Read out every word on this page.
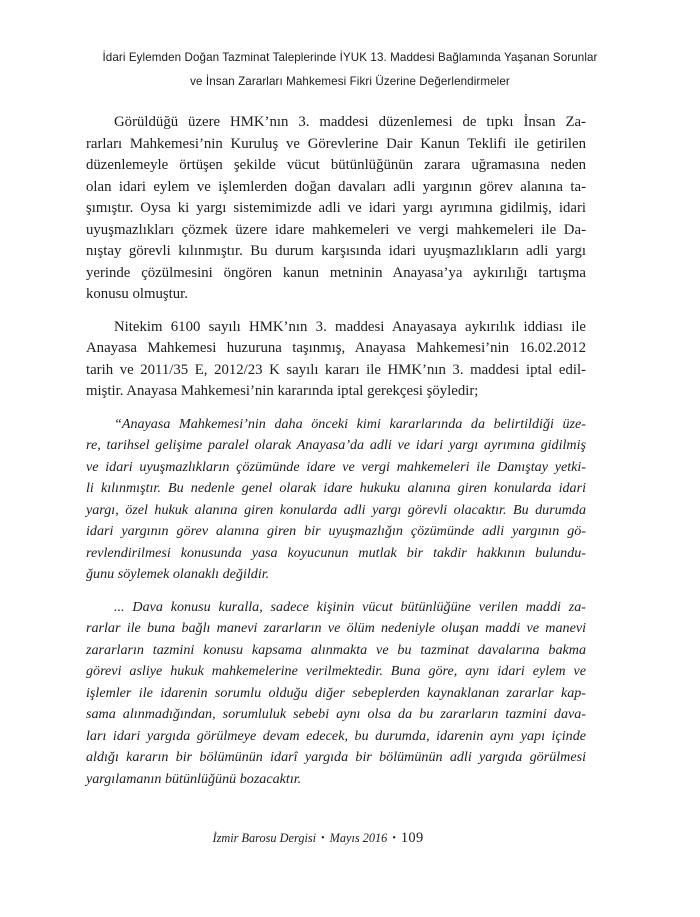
İdari Eylemden Doğan Tazminat Taleplerinde İYUK 13. Maddesi Bağlamında Yaşanan Sorunlar
ve İnsan Zararları Mahkemesi Fikri Üzerine Değerlendirmeler
Görüldüğü üzere HMK’nın 3. maddesi düzenlemesi de tıpkı İnsan Za-
rarları Mahkemesi’nin Kuruluş ve Görevlerine Dair Kanun Teklifi ile getirilen
düzenlemeyle örtüşen şekilde vücut bütünlüğünün zarara uğramasına neden
olan idari eylem ve işlemlerden doğan davaları adli yargının görev alanına ta-
şımıştır. Oysa ki yargı sistemimizde adli ve idari yargı ayrımına gidilmiş, idari
uyuşmazlıkları çözmek üzere idare mahkemeleri ve vergi mahkemeleri ile Da-
nıştay görevli kılınmıştır. Bu durum karşısında idari uyuşmazlıkların adli yargı
yerinde çözülmesini öngören kanun metninin Anayasa’ya aykırılığı tartışma
konusu olmuştur.
Nitekim 6100 sayılı HMK’nın 3. maddesi Anayasaya aykırılık iddiası ile
Anayasa Mahkemesi huzuruna taşınmış, Anayasa Mahkemesi’nin 16.02.2012
tarih ve 2011/35 E, 2012/23 K sayılı kararı ile HMK’nın 3. maddesi iptal edil-
miştir. Anayasa Mahkemesi’nin kararında iptal gerekçesi şöyledir;
“Anayasa Mahkemesi’nin daha önceki kimi kararlarında da belirtildiği üze-
re, tarihsel gelişime paralel olarak Anayasa’da adli ve idari yargı ayrımına gidilmiş
ve idari uyuşmazlıkların çözümünde idare ve vergi mahkemeleri ile Danıştay yetki-
li kılınmıştır. Bu nedenle genel olarak idare hukuku alanına giren konularda idari
yargı, özel hukuk alanına giren konularda adli yargı görevli olacaktır. Bu durumda
idari yargının görev alanına giren bir uyuşmazlığın çözümünde adli yargının gö-
revlendirilmesi konusunda yasa koyucunun mutlak bir takdir hakkının bulundu-
ğunu söylemek olanaklı değildir.
... Dava konusu kuralla, sadece kişinin vücut bütünlüğüne verilen maddi za-
rarlar ile buna bağlı manevi zararların ve ölüm nedeniyle oluşan maddi ve manevi
zararların tazmini konusu kapsama alınmakta ve bu tazminat davalarına bakma
görevi asliye hukuk mahkemelerine verilmektedir. Buna göre, aynı idari eylem ve
işlemler ile idarenin sorumlu olduğu diğer sebeplerden kaynaklanan zararlar kap-
sama alınmadığından, sorumluluk sebebi aynı olsa da bu zararların tazmini dava-
ları idari yargıda görülmeye devam edecek, bu durumda, idarenin aynı yapı içinde
aldığı kararın bir bölümünün idarî yargıda bir bölümünün adli yargıda görülmesi
yargılamanın bütünlüğünü bozacaktır.
İzmir Barosu Dergisi • Mayıs 2016 • 109
